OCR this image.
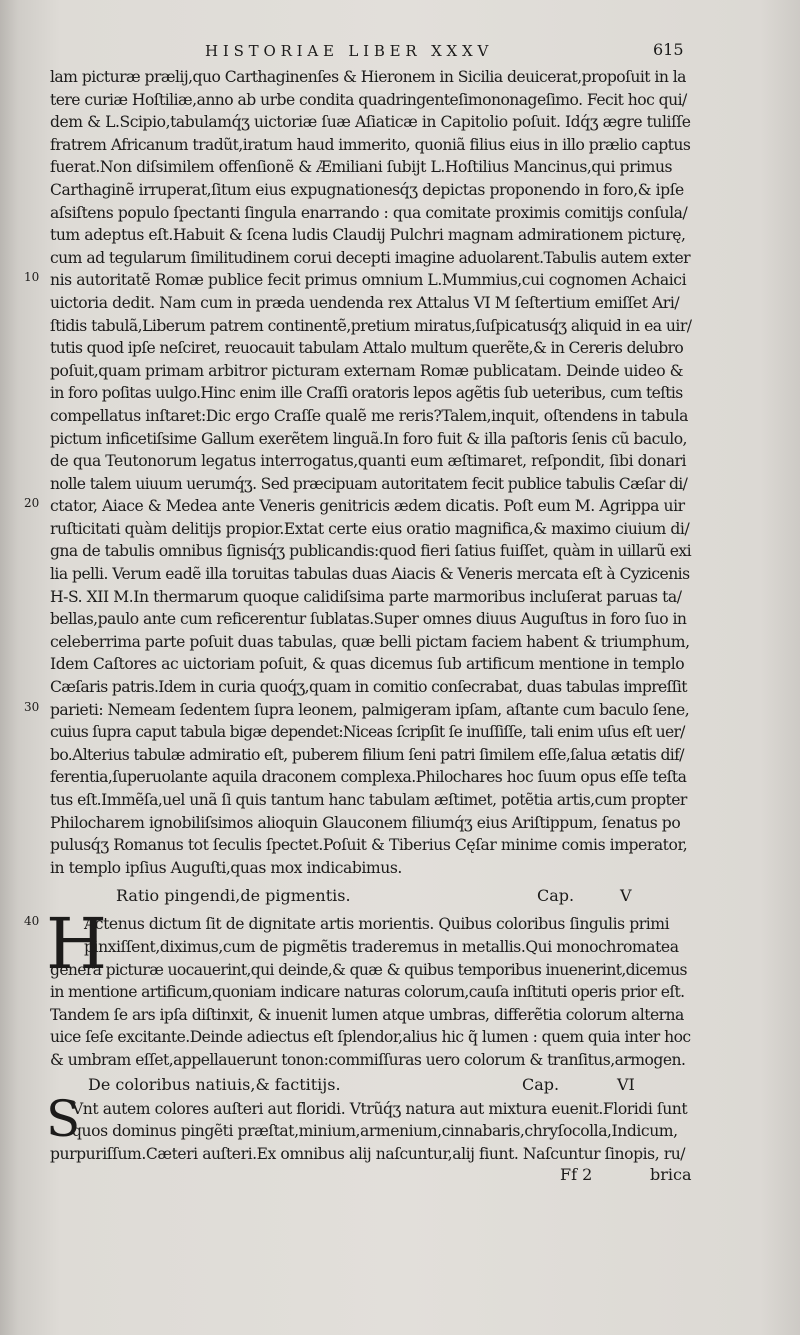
HISTORIAE LIBER XXXV	615
10
20
30
40
lam picturæ prælij,quo Carthaginenſes & Hieronem in Sicilia deuicerat,propoſuit in la
tere curiæ Hoſtiliæ,anno ab urbe condita quadringenteſimononageſimo. Fecit hoc qui/
dem & L.Scipio,tabulamq́ʒ uictoriæ ſuæ Aſiaticæ in Capitolio poſuit. Idq́ʒ ægre tuliſſe
fratrem Africanum tradũt,iratum haud immerito, quoniã filius eius in illo prælio captus
fuerat.Non diſsimilem offenſionẽ & Æmiliani ſubijt L.Hoſtilius Mancinus,qui primus
Carthaginẽ irruperat,ſitum eius expugnationesq́ʒ depictas proponendo in foro,& ipſe
aſsiſtens populo ſpectanti ſingula enarrando : qua comitate proximis comitijs conſula/
tum adeptus eſt.Habuit & ſcena ludis Claudij Pulchri magnam admirationem picturę,
cum ad tegularum ſimilitudinem corui decepti imagine aduolarent.Tabulis autem exter
nis autoritatẽ Romæ publice fecit primus omnium L.Mummius,cui cognomen Achaici
uictoria dedit. Nam cum in præda uendenda rex Attalus VI M ſeſtertium emiſſet Ari/
ſtidis tabulã,Liberum patrem continentẽ,pretium miratus,ſuſpicatusq́ʒ aliquid in ea uir/
tutis quod ipſe neſciret, reuocauit tabulam Attalo multum querẽte,& in Cereris delubro
poſuit,quam primam arbitror picturam externam Romæ publicatam. Deinde uideo &
in foro poſitas uulgo.Hinc enim ille Craſſi oratoris lepos agẽtis ſub ueteribus, cum teſtis
compellatus inſtaret:Dic ergo Craſſe qualẽ me reris?Talem,inquit, oſtendens in tabula
pictum inficetiſsime Gallum exerẽtem linguã.In foro fuit & illa paſtoris ſenis cũ baculo,
de qua Teutonorum legatus interrogatus,quanti eum æſtimaret, reſpondit, ſibi donari
nolle talem uiuum uerumq́ʒ. Sed præcipuam autoritatem fecit publice tabulis Cæſar di/
ctator, Aiace & Medea ante Veneris genitricis ædem dicatis. Poſt eum M. Agrippa uir
ruſticitati quàm delitijs propior.Extat certe eius oratio magnifica,& maximo ciuium di/
gna de tabulis omnibus ſignisq́ʒ publicandis:quod fieri ſatius fuiſſet, quàm in uillarũ exi
lia pelli. Verum eadẽ illa toruitas tabulas duas Aiacis & Veneris mercata eſt à Cyzicenis
H-S. XII M.In thermarum quoque calidiſsima parte marmoribus incluſerat paruas ta/
bellas,paulo ante cum reficerentur ſublatas.Super omnes diuus Auguſtus in foro ſuo in
celeberrima parte poſuit duas tabulas, quæ belli pictam faciem habent & triumphum,
Idem Caſtores ac uictoriam poſuit, & quas dicemus ſub artificum mentione in templo
Cæſaris patris.Idem in curia quoq́ʒ,quam in comitio conſecrabat, duas tabulas impreſſit
parieti: Nemeam ſedentem ſupra leonem, palmigeram ipſam, aſtante cum baculo ſene,
cuius ſupra caput tabula bigæ dependet:Niceas ſcripſit ſe inuſſiſſe, tali enim uſus eſt uer/
bo.Alterius tabulæ admiratio eſt, puberem filium ſeni patri ſimilem eſſe,ſalua ætatis dif/
ferentia,ſuperuolante aquila draconem complexa.Philochares hoc ſuum opus eſſe teſta
tus eſt.Immẽſa,uel unã ſi quis tantum hanc tabulam æſtimet, potẽtia artis,cum propter
Philocharem ignobiliſsimos alioquin Glauconem filiumq́ʒ eius Ariſtippum, ſenatus po
pulusq́ʒ Romanus tot ſeculis ſpectet.Poſuit & Tiberius Cęſar minime comis imperator,
in templo ipſius Auguſti,quas mox indicabimus.
Ratio pingendi,de pigmentis.	Cap.	V
H
Actenus dictum ſit de dignitate artis morientis. Quibus coloribus ſingulis primi
pinxiſſent,diximus,cum de pigmẽtis traderemus in metallis.Qui monochromatea
genera picturæ uocauerint,qui deinde,& quæ & quibus temporibus inuenerint,dicemus
in mentione artificum,quoniam indicare naturas colorum,cauſa inſtituti operis prior eſt.
Tandem ſe ars ipſa diſtinxit, & inuenit lumen atque umbras, differẽtia colorum alterna
uice ſeſe excitante.Deinde adiectus eſt ſplendor,alius hic q̃ lumen : quem quia inter hoc
& umbram eſſet,appellauerunt tonon:commiſſuras uero colorum & tranſitus,armogen.
De coloribus natiuis,& factitijs.	Cap.	VI
S
Vnt autem colores auſteri aut floridi. Vtrũq́ʒ natura aut mixtura euenit.Floridi ſunt
quos dominus pingẽti præſtat,minium,armenium,cinnabaris,chryſocolla,Indicum,
purpuriſſum.Cæteri auſteri.Ex omnibus alij naſcuntur,alij fiunt. Naſcuntur ſinopis, ru/
Ff 2	brica
